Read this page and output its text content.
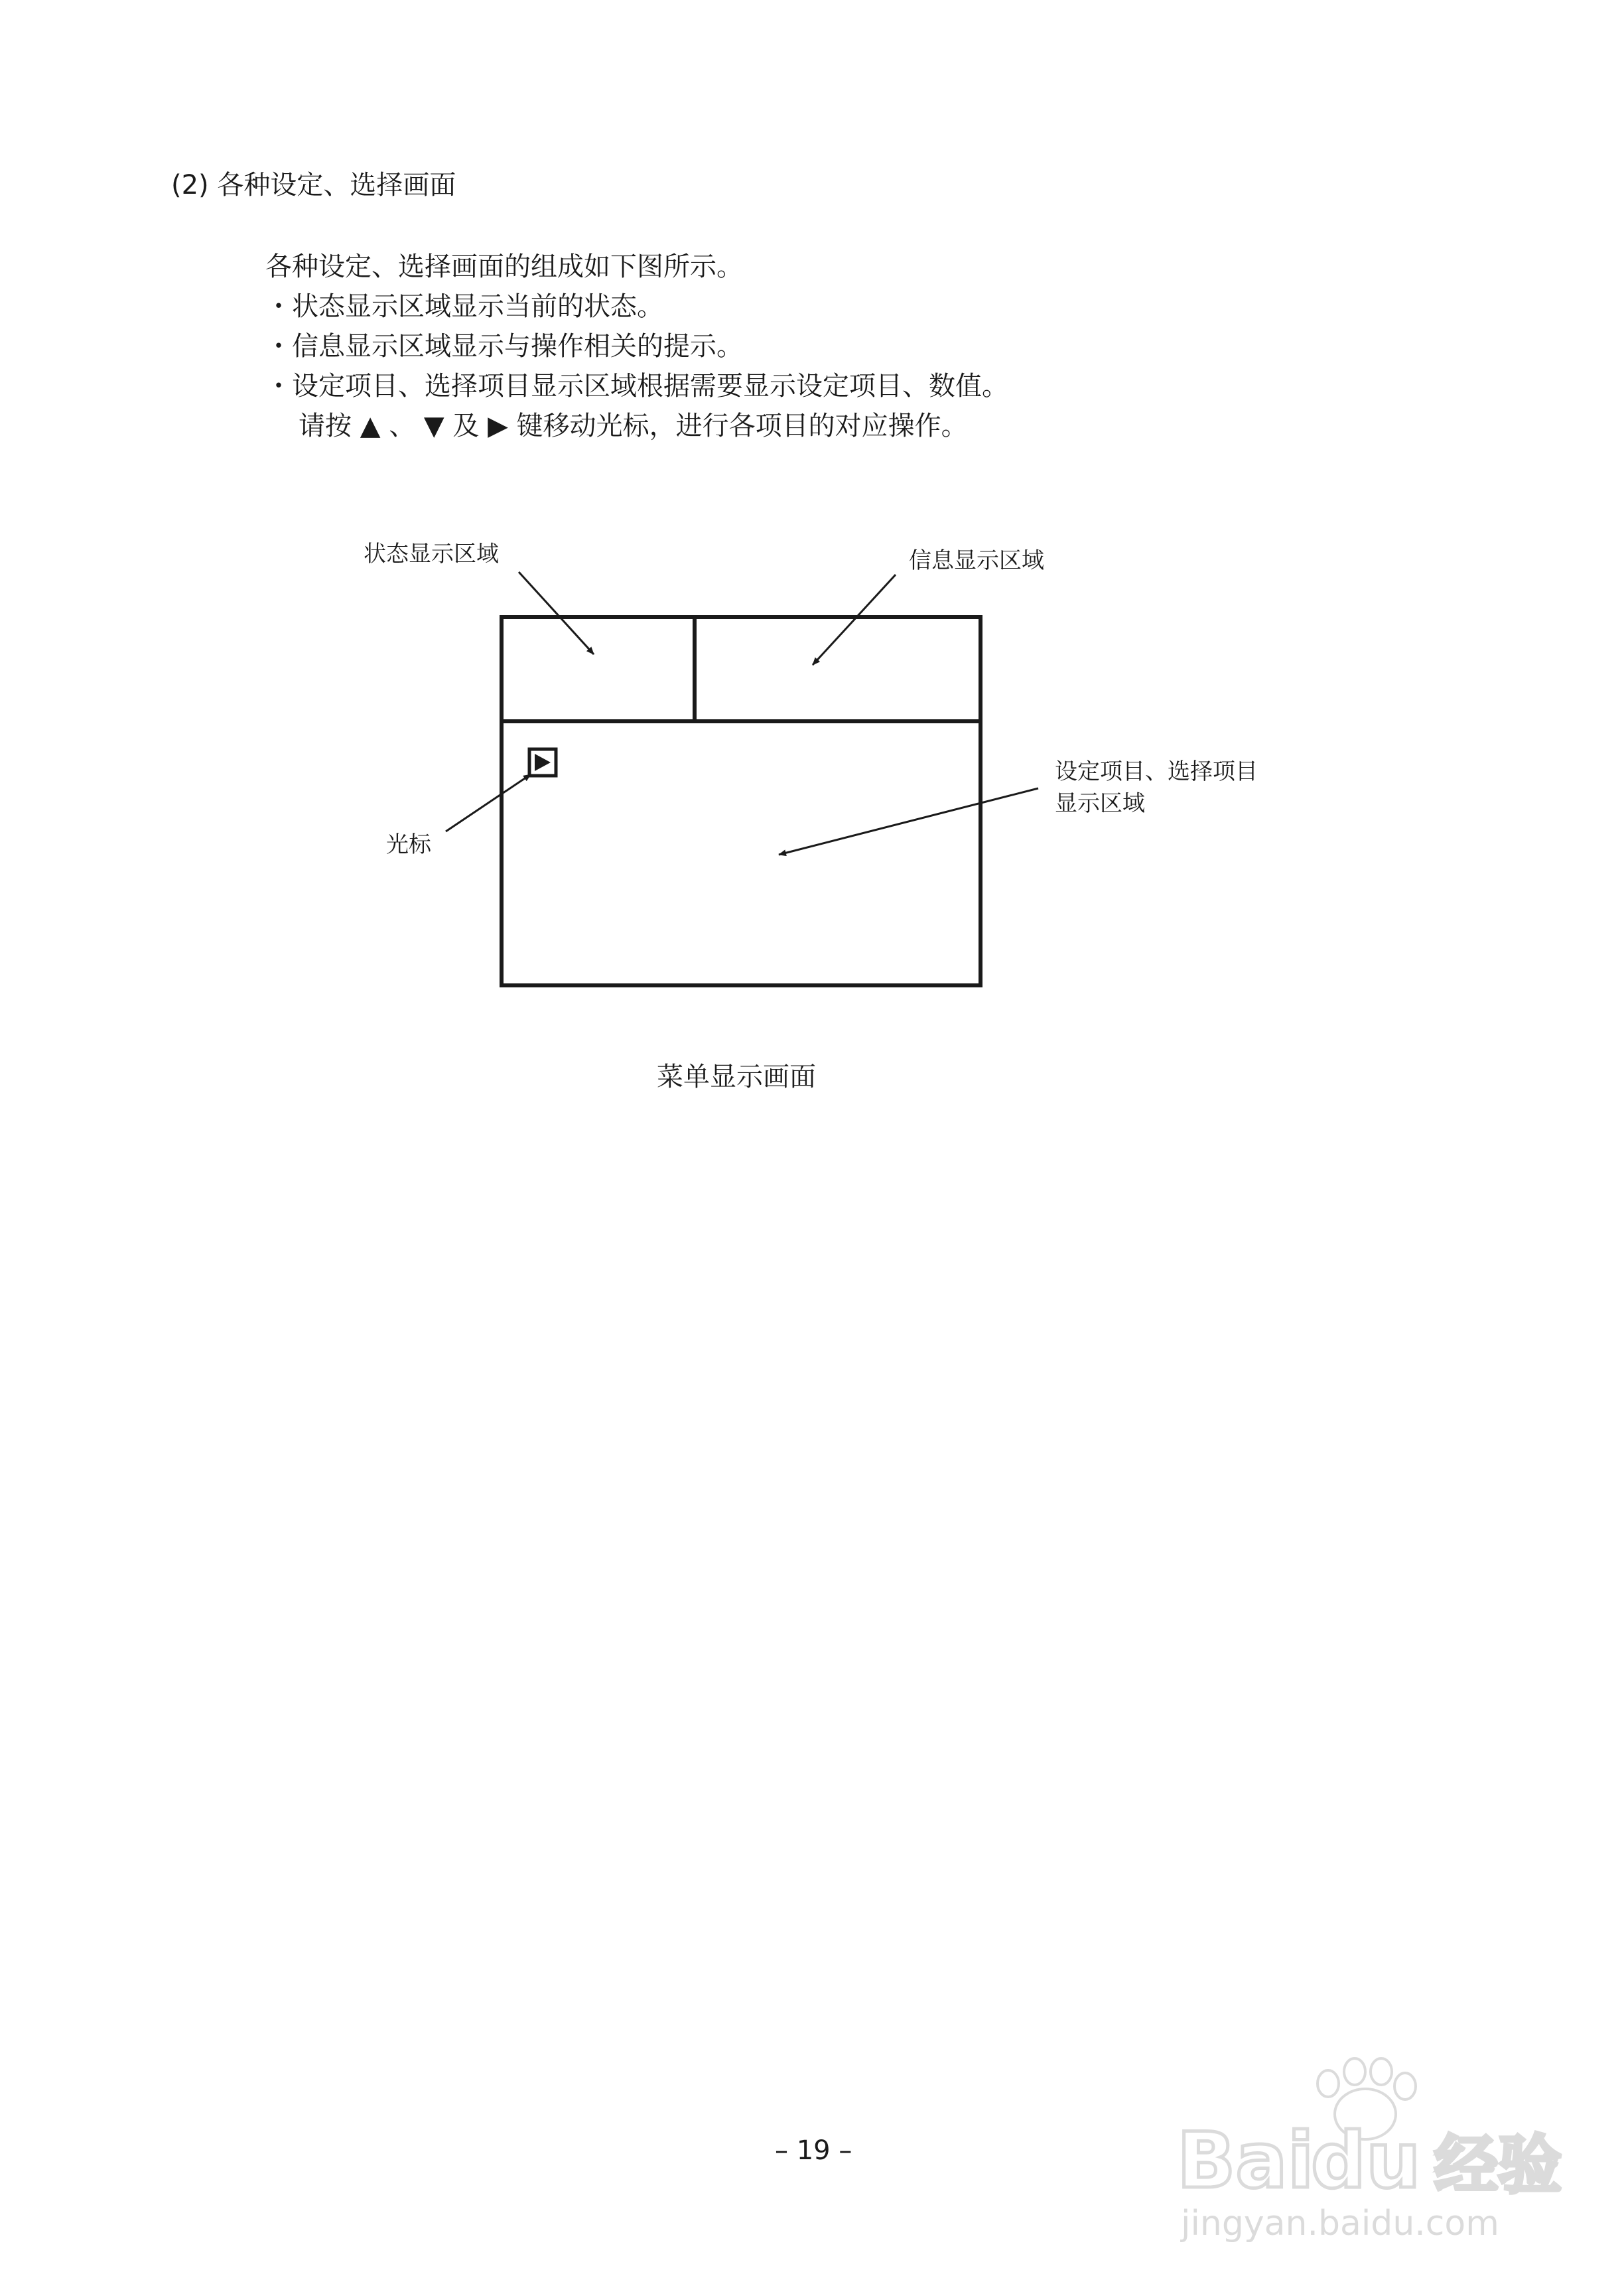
(2) 各种设定、选择画面
各种设定、选择画面的组成如下图所示。
・状态显示区域显示当前的状态。
・信息显示区域显示与操作相关的提示。
・设定项目、选择项目显示区域根据需要显示设定项目、数值。
请按 ▲ 、 ▼ 及 ▶ 键移动光标，进行各项目的对应操作。
状态显示区域	信息显示区域
设定项目、选择项目
显示区域
光标
菜单显示画面
– 19 –	Bai
du 经验
jingyan.baidu.com
